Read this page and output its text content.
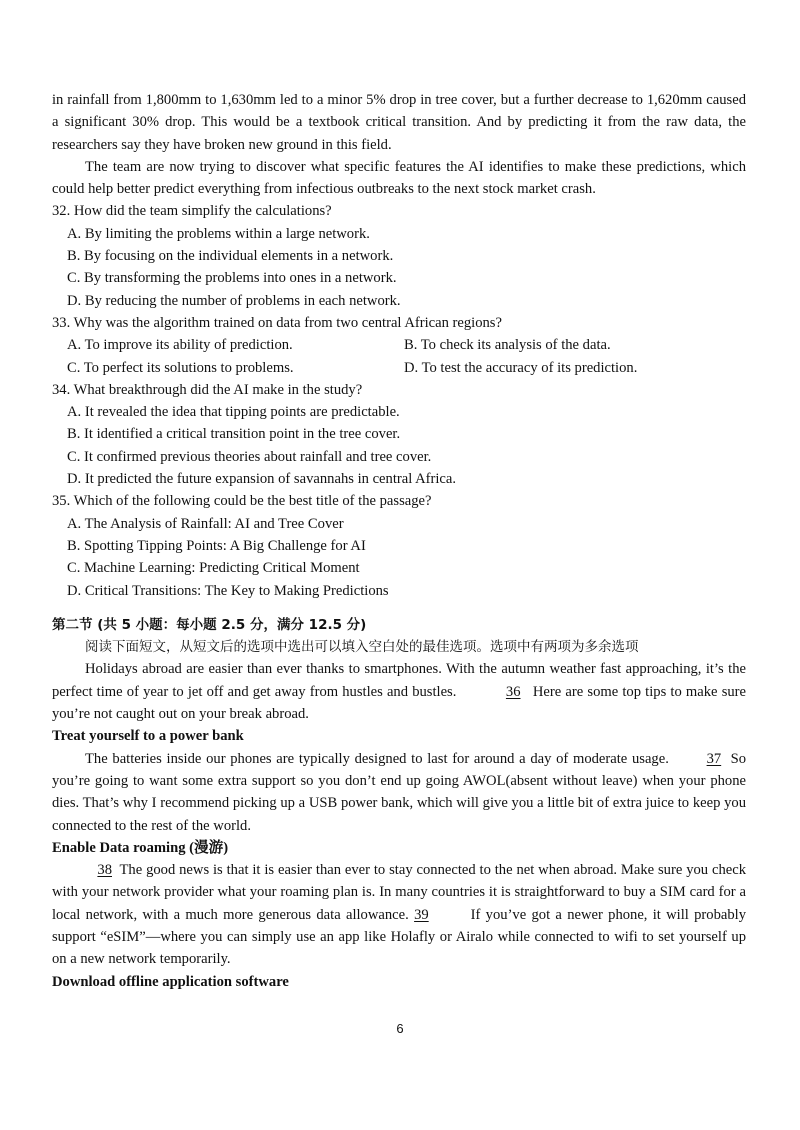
in rainfall from 1,800mm to 1,630mm led to a minor 5% drop in tree cover, but a further decrease to 1,620mm caused a significant 30% drop. This would be a textbook critical transition. And by predicting it from the raw data, the researchers say they have broken new ground in this field.

The team are now trying to discover what specific features the AI identifies to make these predictions, which could help better predict everything from infectious outbreaks to the next stock market crash.

32. How did the team simplify the calculations?

A. By limiting the problems within a large network.

B. By focusing on the individual elements in a network.

C. By transforming the problems into ones in a network.

D. By reducing the number of problems in each network.

33. Why was the algorithm trained on data from two central African regions?

A. To improve its ability of prediction.	B. To check its analysis of the data.
C. To perfect its solutions to problems.	D. To test the accuracy of its prediction.

34. What breakthrough did the AI make in the study?

A. It revealed the idea that tipping points are predictable.

B. It identified a critical transition point in the tree cover.

C. It confirmed previous theories about rainfall and tree cover.

D. It predicted the future expansion of savannahs in central Africa.

35. Which of the following could be the best title of the passage?

A. The Analysis of Rainfall: AI and Tree Cover

B. Spotting Tipping Points: A Big Challenge for AI

C. Machine Learning: Predicting Critical Moment

D. Critical Transitions: The Key to Making Predictions

第二节 (共 5 小题：每小题 2.5 分，满分 12.5 分)

阅读下面短文，从短文后的选项中选出可以填入空白处的最佳选项。选项中有两项为多余选项

Holidays abroad are easier than ever thanks to smartphones. With the autumn weather fast approaching, it’s the perfect time of year to jet off and get away from hustles and bustles.	36 Here are some top tips to make sure you’re not caught out on your break abroad.

Treat yourself to a power bank

The batteries inside our phones are typically designed to last for around a day of moderate usage.	37 So you’re going to want some extra support so you don’t end up going AWOL(absent without leave) when your phone dies. That’s why I recommend picking up a USB power bank, which will give you a little bit of extra juice to keep you connected to the rest of the world.

Enable Data roaming (漫游)

38 The good news is that it is easier than ever to stay connected to the net when abroad. Make sure you check with your network provider what your roaming plan is. In many countries it is straightforward to buy a SIM card for a local network, with a much more generous data allowance. 39	If you’ve got a newer phone, it will probably support “eSIM”—where you can simply use an app like Holafly or Airalo while connected to wifi to set yourself up on a new network temporarily.

Download offline application software

6
